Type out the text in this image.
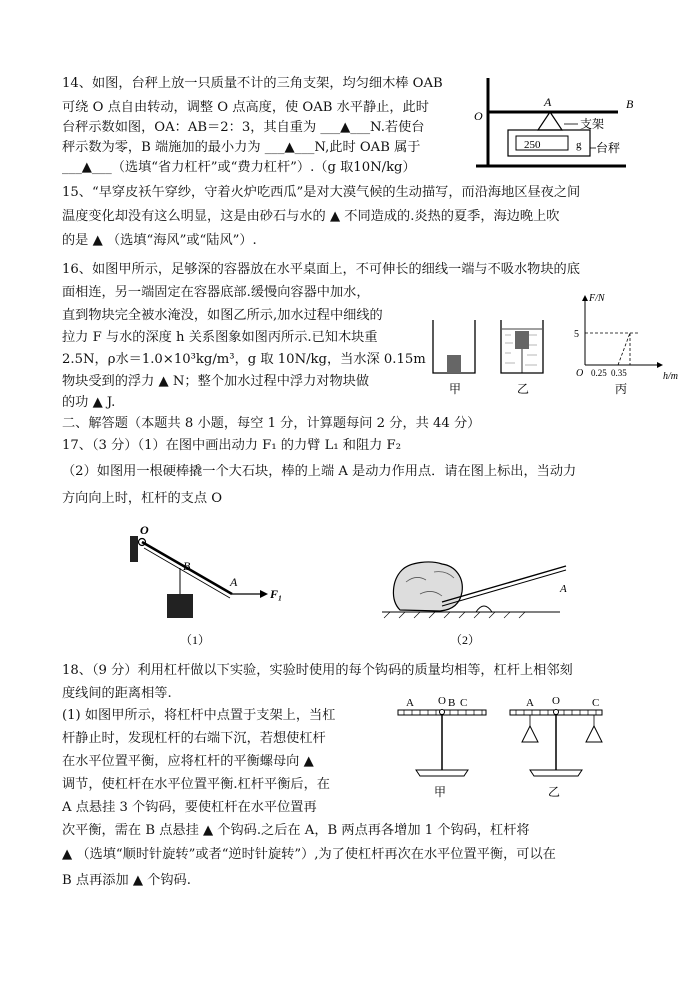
14、如图，台秤上放一只质量不计的三角支架，均匀细木棒 OAB
可绕 O 点自由转动，调整 O 点高度，使 OAB 水平静止，此时
台秤示数如图，OA：AB＝2：3，其自重为 ___▲___N.若使台
秤示数为零，B 端施加的最小力为 ___▲___N,此时 OAB 属于
___▲___（选填“省力杠杆”或“费力杠杆”）.（g 取10N/kg）
O
A	B
250	g
支架
台秤
15、“早穿皮袄午穿纱，守着火炉吃西瓜”是对大漠气候的生动描写，而沿海地区昼夜之间
温度变化却没有这么明显，这是由砂石与水的 ▲ 不同造成的.炎热的夏季，海边晚上吹
的是 ▲ （选填“海风”或“陆风”）.
16、如图甲所示，足够深的容器放在水平桌面上，不可伸长的细线一端与不吸水物块的底
面相连，另一端固定在容器底部.缓慢向容器中加水，
直到物块完全被水淹没，如图乙所示,加水过程中细线的
拉力 F 与水的深度 h 关系图象如图丙所示.已知木块重
2.5N，ρ水＝1.0×10³kg/m³，g 取 10N/kg，当水深 0.15m
物块受到的浮力 ▲ N；整个加水过程中浮力对物块做
的功 ▲ J.
甲	乙
F/N
h/m
O
5
0.25 0.35
丙
二、解答题（本题共 8 小题，每空 1 分，计算题每问 2 分，共 44 分）
17、（3 分）（1）在图中画出动力 F₁ 的力臂 L₁ 和阻力 F₂
（2）如图用一根硬棒撬一个大石块，棒的上端 A 是动力作用点．请在图上标出，当动力
方向向上时，杠杆的支点 O
O
B
A
F₁
（1）
A
（2）
18、（9 分）利用杠杆做以下实验，实验时使用的每个钩码的质量均相等，杠杆上相邻刻
度线间的距离相等.
(1) 如图甲所示，将杠杆中点置于支架上，当杠
杆静止时，发现杠杆的右端下沉，若想使杠杆
在水平位置平衡，应将杠杆的平衡螺母向 ▲
调节，使杠杆在水平位置平衡.杠杆平衡后，在
A 点悬挂 3 个钩码，要使杠杆在水平位置再
次平衡，需在 B 点悬挂 ▲ 个钩码.之后在 A，B 两点再各增加 1 个钩码，杠杆将
▲ （选填“顺时针旋转”或者“逆时针旋转”）,为了使杠杆再次在水平位置平衡，可以在
B 点再添加 ▲ 个钩码.
O
A	B C
甲
O
A	C
乙
